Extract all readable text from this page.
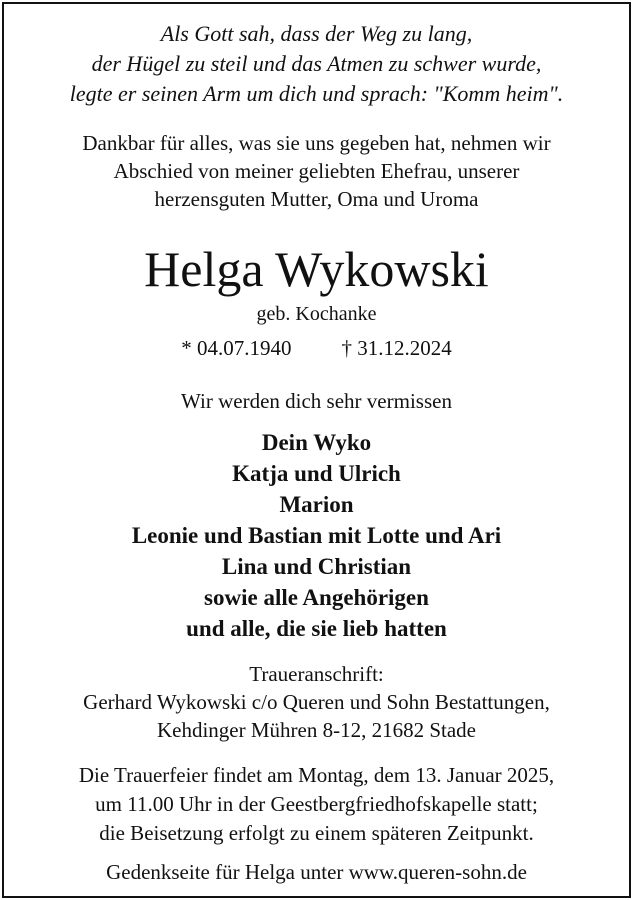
Als Gott sah, dass der Weg zu lang,
der Hügel zu steil und das Atmen zu schwer wurde,
legte er seinen Arm um dich und sprach: "Komm heim".
Dankbar für alles, was sie uns gegeben hat, nehmen wir
Abschied von meiner geliebten Ehefrau, unserer
herzensguten Mutter, Oma und Uroma
Helga Wykowski
geb. Kochanke
* 04.07.1940 † 31.12.2024
Wir werden dich sehr vermissen
Dein Wyko
Katja und Ulrich
Marion
Leonie und Bastian mit Lotte und Ari
Lina und Christian
sowie alle Angehörigen
und alle, die sie lieb hatten
Traueranschrift:
Gerhard Wykowski c/o Queren und Sohn Bestattungen,
Kehdinger Mühren 8-12, 21682 Stade
Die Trauerfeier findet am Montag, dem 13. Januar 2025,
um 11.00 Uhr in der Geestbergfriedhofskapelle statt;
die Beisetzung erfolgt zu einem späteren Zeitpunkt.
Gedenkseite für Helga unter www.queren-sohn.de
